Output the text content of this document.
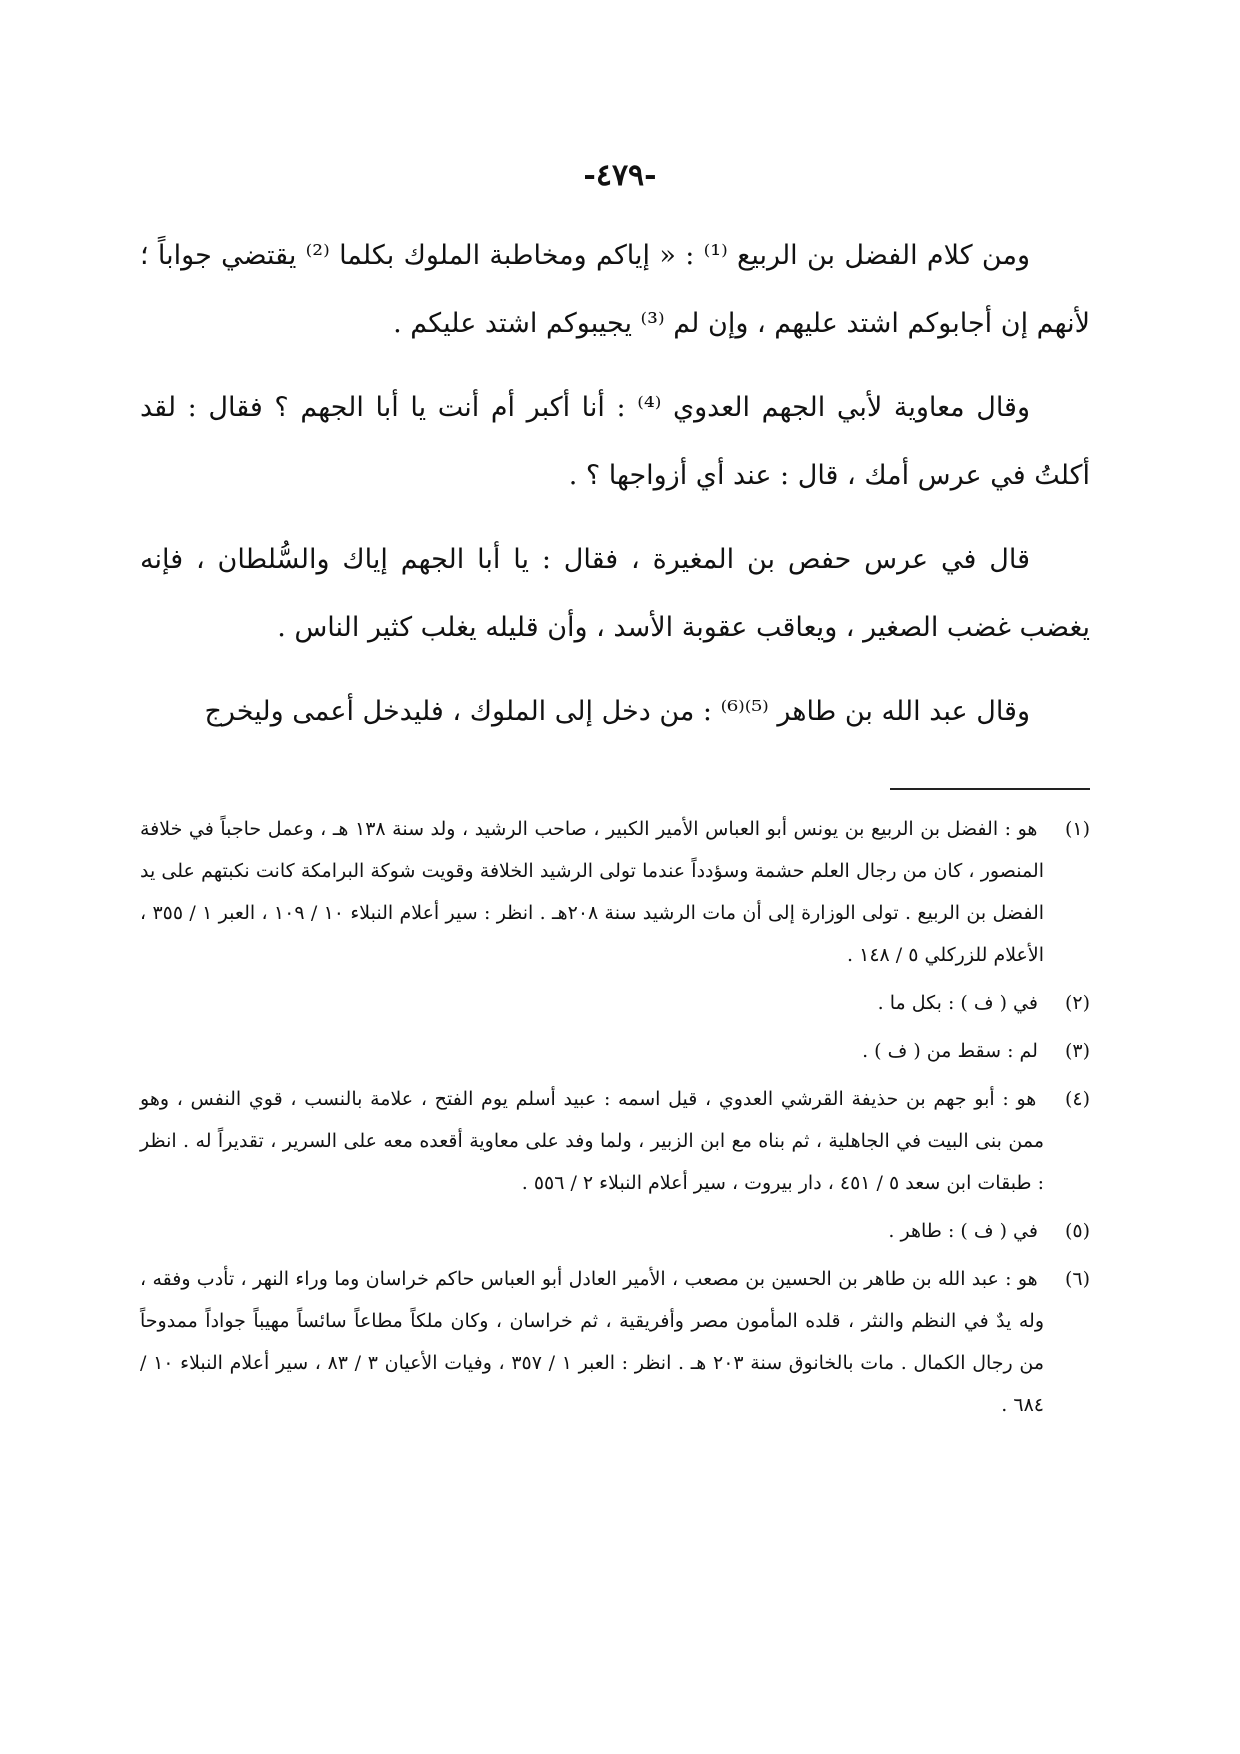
-٤٧٩-

ومن كلام الفضل بن الربيع ⁽¹⁾ : « إياكم ومخاطبة الملوك بكلما ⁽²⁾ يقتضي جواباً ؛ لأنهم إن أجابوكم اشتد عليهم ، وإن لم ⁽³⁾ يجيبوكم اشتد عليكم .

وقال معاوية لأبي الجهم العدوي ⁽⁴⁾ : أنا أكبر أم أنت يا أبا الجهم ؟ فقال : لقد أكلتُ في عرس أمك ، قال : عند أي أزواجها ؟ .

قال في عرس حفص بن المغيرة ، فقال : يا أبا الجهم إياك والسُّلطان ، فإنه يغضب غضب الصغير ، ويعاقب عقوبة الأسد ، وأن قليله يغلب كثير الناس .

وقال عبد الله بن طاهر ⁽⁵⁾⁽⁶⁾ : من دخل إلى الملوك ، فليدخل أعمى وليخرج

(١) هو : الفضل بن الربيع بن يونس أبو العباس الأمير الكبير ، صاحب الرشيد ، ولد سنة ١٣٨ هـ ، وعمل حاجباً في خلافة المنصور ، كان من رجال العلم حشمة وسؤدداً عندما تولى الرشيد الخلافة وقويت شوكة البرامكة كانت نكبتهم على يد الفضل بن الربيع . تولى الوزارة إلى أن مات الرشيد سنة ٢٠٨هـ . انظر : سير أعلام النبلاء ١٠ / ١٠٩ ، العبر ١ / ٣٥٥ ، الأعلام للزركلي ٥ / ١٤٨ .

(٢) في ( ف ) : بكل ما .

(٣) لم : سقط من ( ف ) .

(٤) هو : أبو جهم بن حذيفة القرشي العدوي ، قيل اسمه : عبيد أسلم يوم الفتح ، علامة بالنسب ، قوي النفس ، وهو ممن بنى البيت في الجاهلية ، ثم بناه مع ابن الزبير ، ولما وفد على معاوية أقعده معه على السرير ، تقديراً له . انظر : طبقات ابن سعد ٥ / ٤٥١ ، دار بيروت ، سير أعلام النبلاء ٢ / ٥٥٦ .

(٥) في ( ف ) : طاهر .

(٦) هو : عبد الله بن طاهر بن الحسين بن مصعب ، الأمير العادل أبو العباس حاكم خراسان وما وراء النهر ، تأدب وفقه ، وله يدٌ في النظم والنثر ، قلده المأمون مصر وأفريقية ، ثم خراسان ، وكان ملكاً مطاعاً سائساً مهيباً جواداً ممدوحاً من رجال الكمال . مات بالخانوق سنة ٢٠٣ هـ . انظر : العبر ١ / ٣٥٧ ، وفيات الأعيان ٣ / ٨٣ ، سير أعلام النبلاء ١٠ / ٦٨٤ .
